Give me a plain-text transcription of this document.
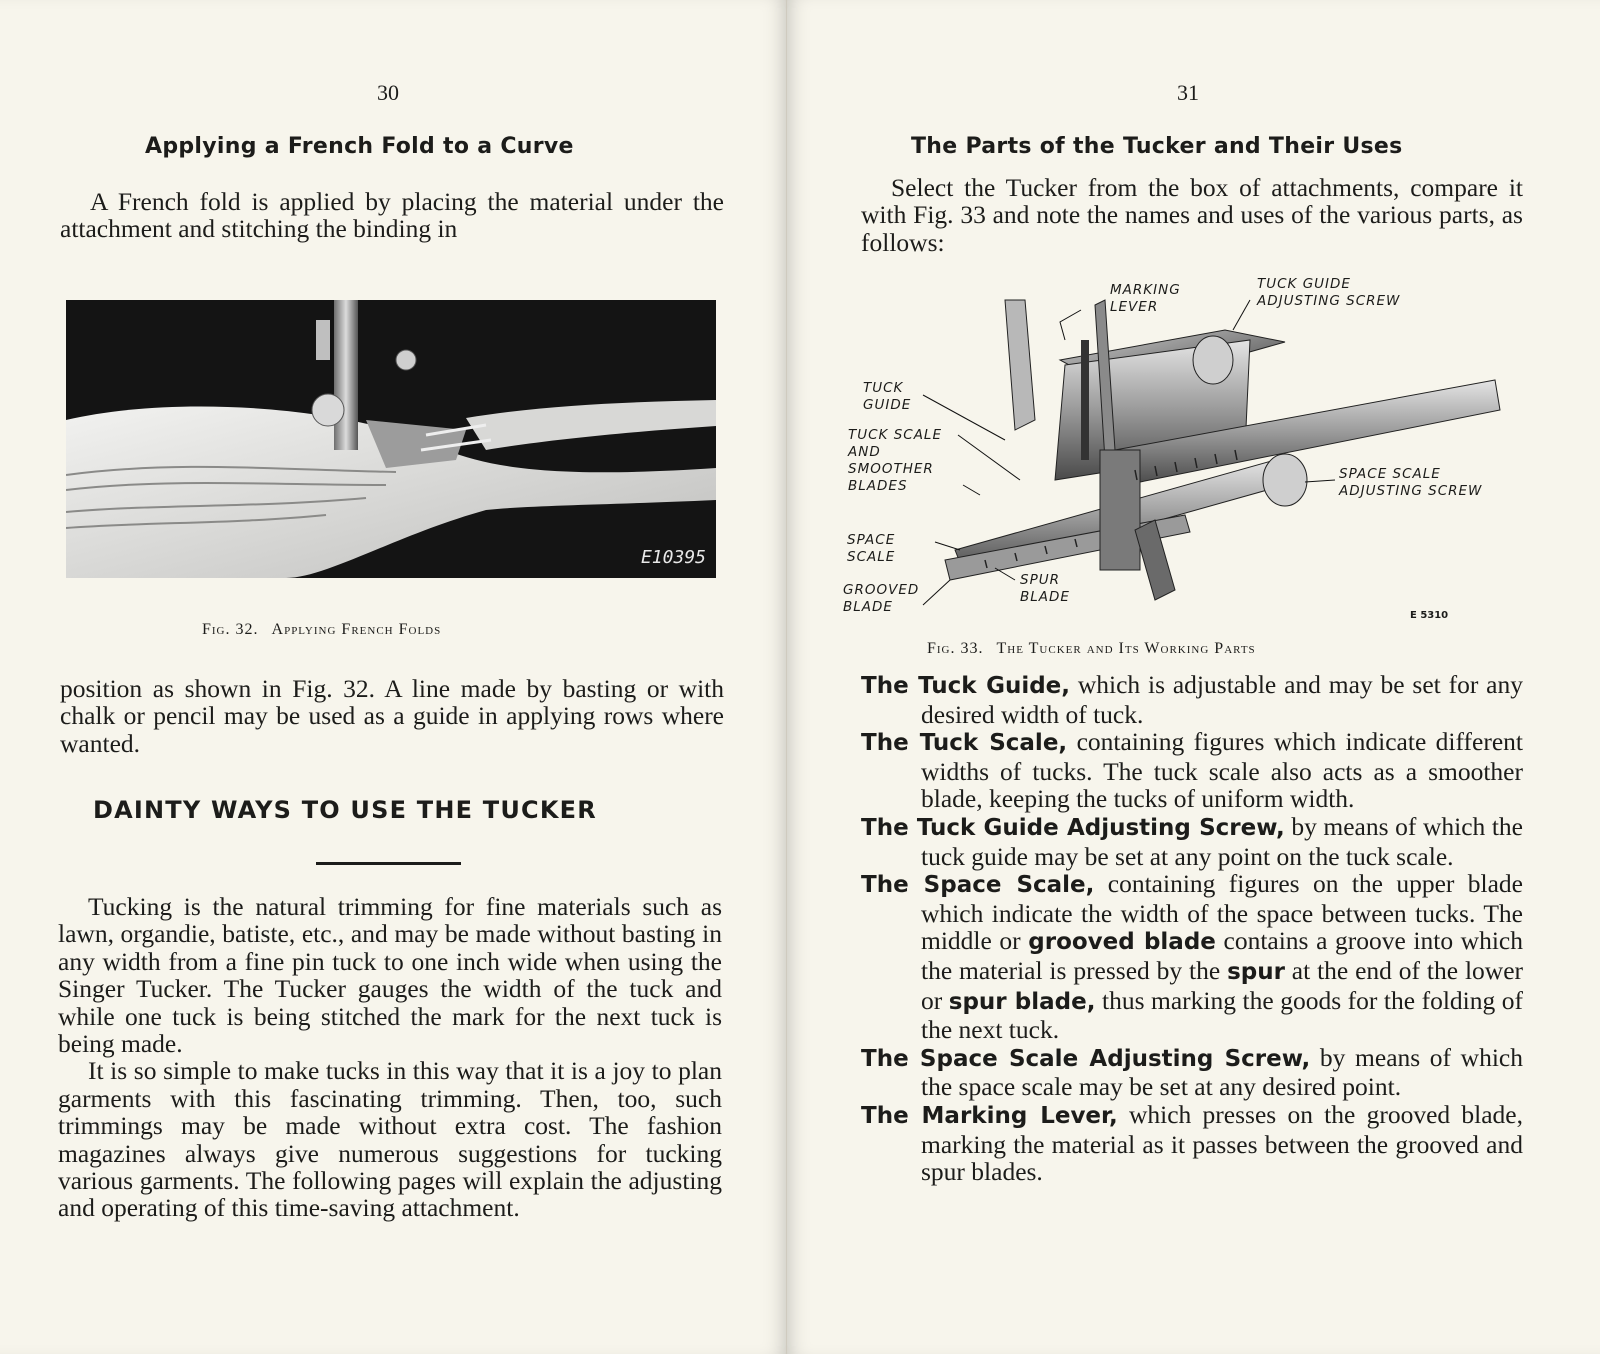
30
Applying a French Fold to a Curve

A French fold is applied by placing the material under the attachment and stitching the binding in

E10395
Fig. 32. Applying French Folds

position as shown in Fig. 32. A line made by basting or with chalk or pencil may be used as a guide in applying rows where wanted.

DAINTY WAYS TO USE THE TUCKER

Tucking is the natural trimming for fine materials such as lawn, organdie, batiste, etc., and may be made without basting in any width from a fine pin tuck to one inch wide when using the Singer Tucker. The Tucker gauges the width of the tuck and while one tuck is being stitched the mark for the next tuck is being made.

It is so simple to make tucks in this way that it is a joy to plan garments with this fascinating trimming. Then, too, such trimmings may be made without extra cost. The fashion magazines always give numerous suggestions for tucking various garments. The following pages will explain the adjusting and operating of this time-saving attachment.

31
The Parts of the Tucker and Their Uses

Select the Tucker from the box of attachments, compare it with Fig. 33 and note the names and uses of the various parts, as follows:

MARKING
LEVER
TUCK GUIDE
ADJUSTING SCREW
TUCK
GUIDE
TUCK SCALE
AND
SMOOTHER
BLADES
SPACE SCALE
ADJUSTING SCREW
SPACE
SCALE
GROOVED
BLADE
SPUR
BLADE
E 5310
Fig. 33. The Tucker and Its Working Parts

The Tuck Guide, which is adjustable and may be set for any desired width of tuck.

The Tuck Scale, containing figures which indicate different widths of tucks. The tuck scale also acts as a smoother blade, keeping the tucks of uniform width.

The Tuck Guide Adjusting Screw, by means of which the tuck guide may be set at any point on the tuck scale.

The Space Scale, containing figures on the upper blade which indicate the width of the space between tucks. The middle or grooved blade contains a groove into which the material is pressed by the spur at the end of the lower or spur blade, thus marking the goods for the folding of the next tuck.

The Space Scale Adjusting Screw, by means of which the space scale may be set at any desired point.

The Marking Lever, which presses on the grooved blade, marking the material as it passes between the grooved and spur blades.
